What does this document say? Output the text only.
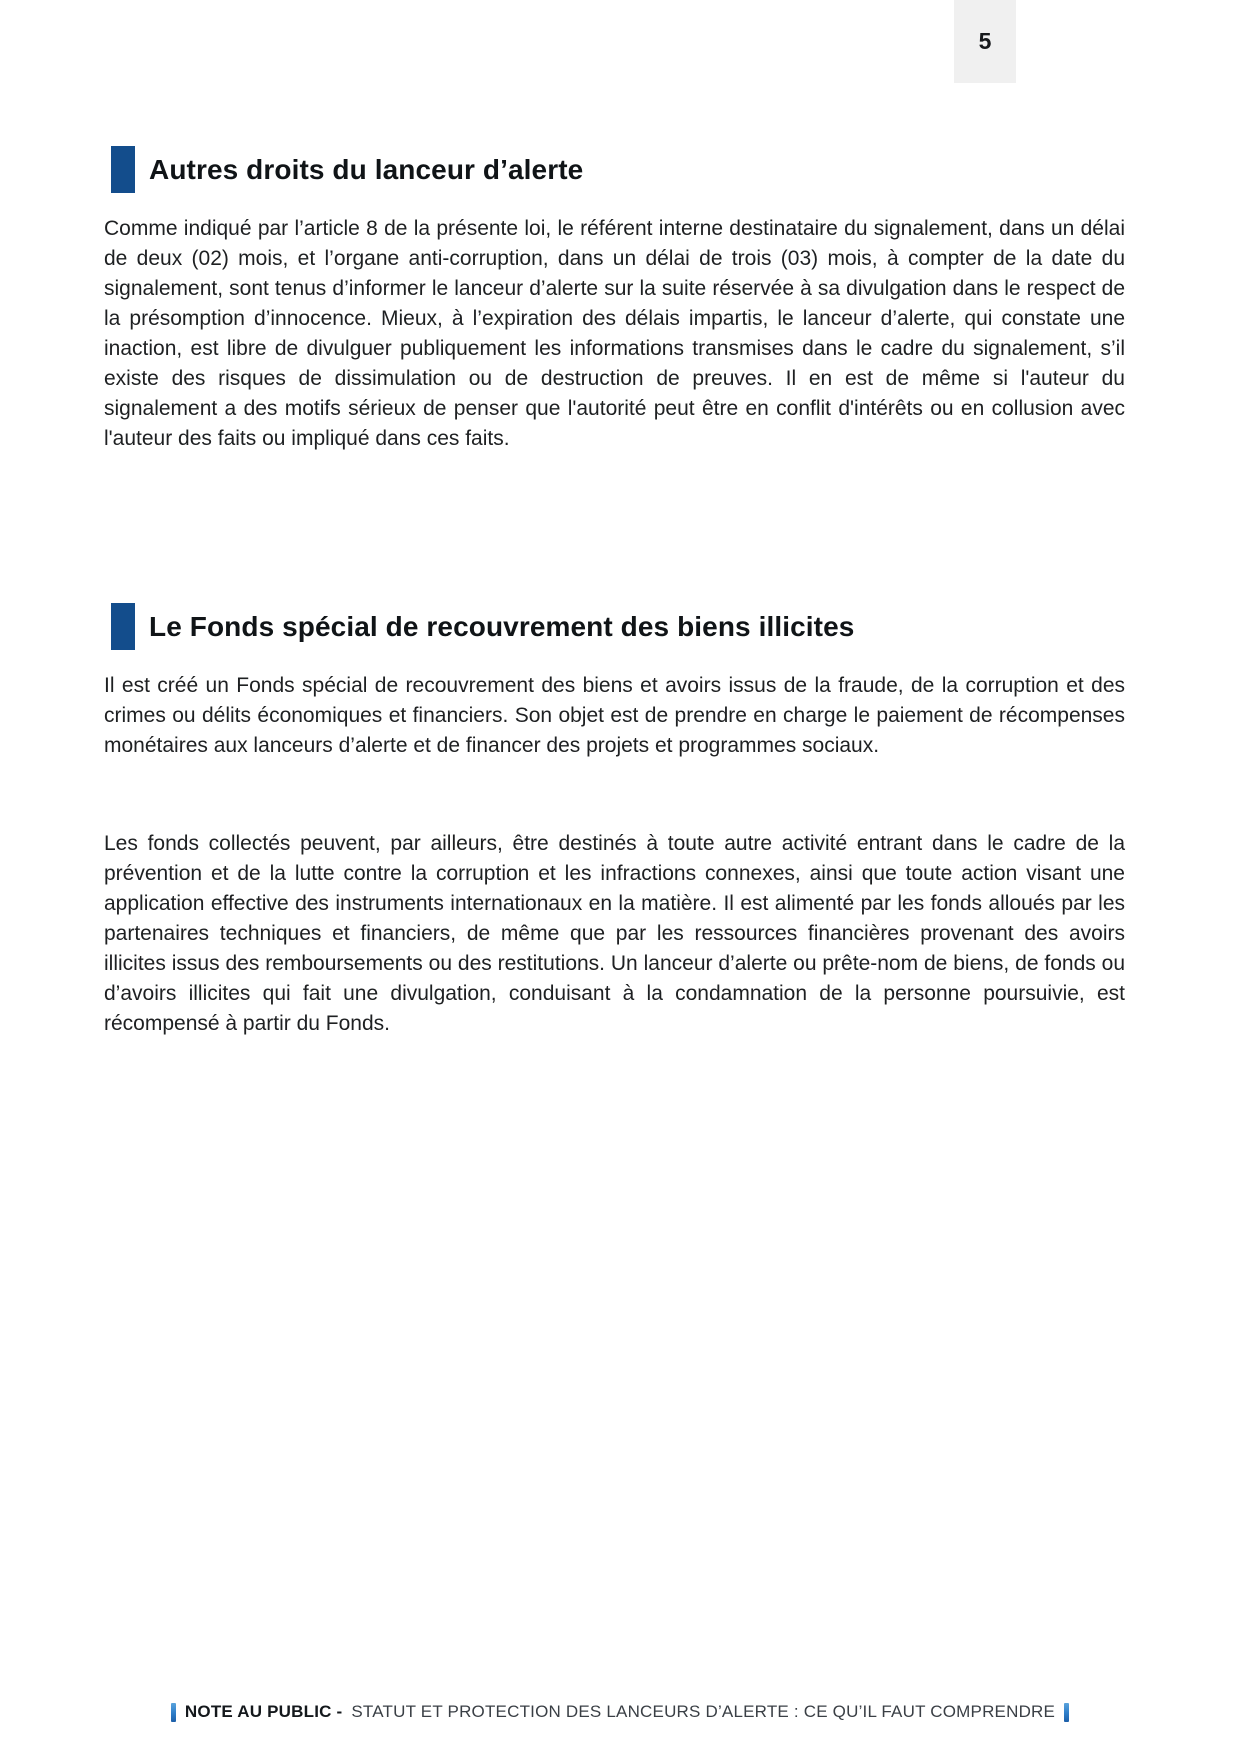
5
Autres droits du lanceur d’alerte

Comme indiqué par l’article 8 de la présente loi, le référent interne destinataire du signalement, dans un délai de deux (02) mois, et l’organe anti-corruption, dans un délai de trois (03) mois, à compter de la date du signalement, sont tenus d’informer le lanceur d’alerte sur la suite réservée à sa divulgation dans le respect de la présomption d’innocence. Mieux, à l’expiration des délais impartis, le lanceur d’alerte, qui constate une inaction, est libre de divulguer publiquement les informations transmises dans le cadre du signalement, s’il existe des risques de dissimulation ou de destruction de preuves. Il en est de même si l'auteur du signalement a des motifs sérieux de penser que l'autorité peut être en conflit d'intérêts ou en collusion avec l'auteur des faits ou impliqué dans ces faits.

Le Fonds spécial de recouvrement des biens illicites

Il est créé un Fonds spécial de recouvrement des biens et avoirs issus de la fraude, de la corruption et des crimes ou délits économiques et financiers. Son objet est de prendre en charge le paiement de récompenses monétaires aux lanceurs d’alerte et de financer des projets et programmes sociaux.

Les fonds collectés peuvent, par ailleurs, être destinés à toute autre activité entrant dans le cadre de la prévention et de la lutte contre la corruption et les infractions connexes, ainsi que toute action visant une application effective des instruments internationaux en la matière. Il est alimenté par les fonds alloués par les partenaires techniques et financiers, de même que par les ressources financières provenant des avoirs illicites issus des remboursements ou des restitutions. Un lanceur d’alerte ou prête-nom de biens, de fonds ou d’avoirs illicites qui fait une divulgation, conduisant à la condamnation de la personne poursuivie, est récompensé à partir du Fonds.

NOTE AU PUBLIC - STATUT ET PROTECTION DES LANCEURS D’ALERTE : CE QU’IL FAUT COMPRENDRE
